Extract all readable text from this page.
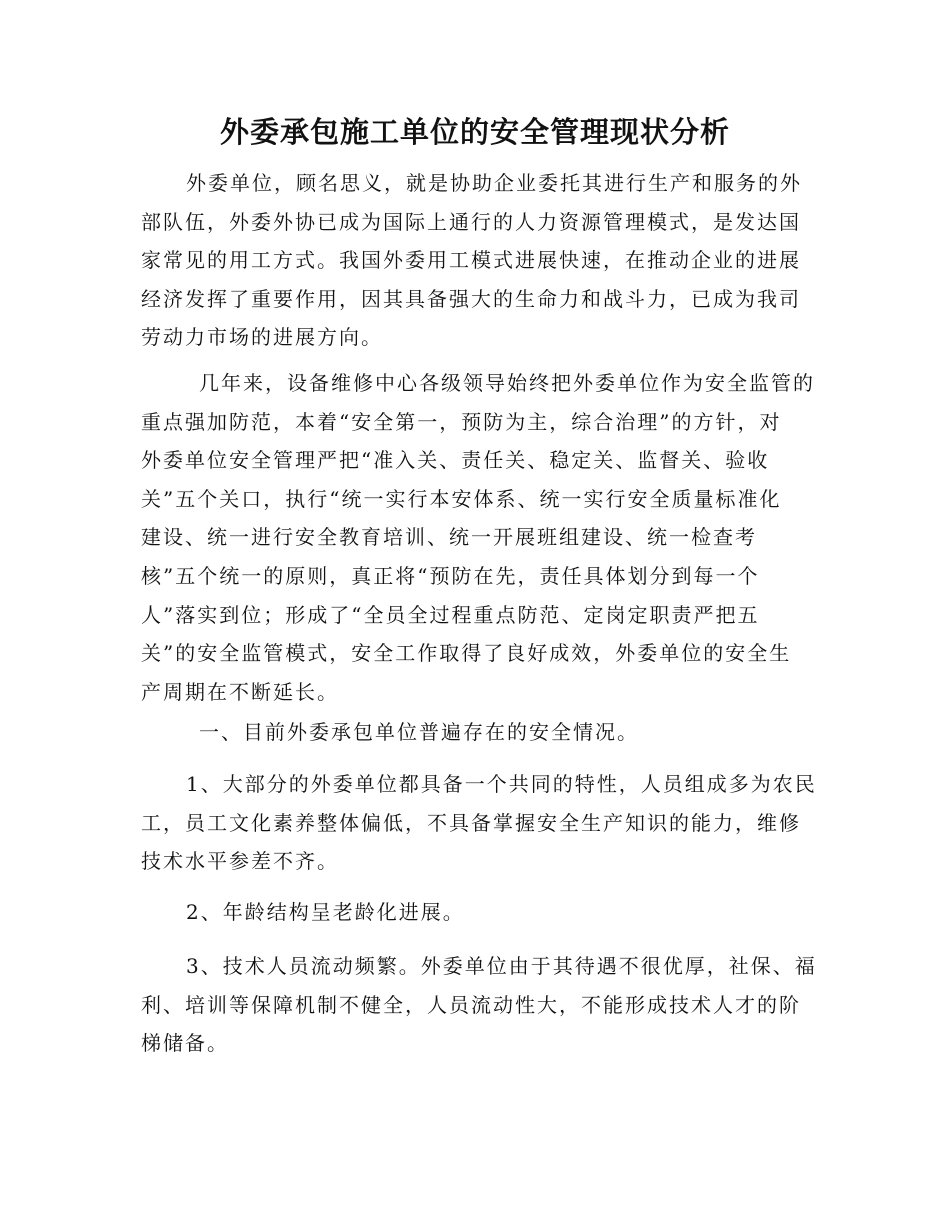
外委承包施工单位的安全管理现状分析
外委单位，顾名思义，就是协助企业委托其进行生产和服务的外
部队伍，外委外协已成为国际上通行的人力资源管理模式，是发达国
家常见的用工方式。我国外委用工模式进展快速，在推动企业的进展
经济发挥了重要作用，因其具备强大的生命力和战斗力，已成为我司
劳动力市场的进展方向。
几年来，设备维修中心各级领导始终把外委单位作为安全监管的
重点强加防范，本着“安全第一，预防为主，综合治理”的方针，对
外委单位安全管理严把“准入关、责任关、稳定关、监督关、验收
关”五个关口，执行“统一实行本安体系、统一实行安全质量标准化
建设、统一进行安全教育培训、统一开展班组建设、统一检查考
核”五个统一的原则，真正将“预防在先，责任具体划分到每一个
人”落实到位；形成了“全员全过程重点防范、定岗定职责严把五
关”的安全监管模式，安全工作取得了良好成效，外委单位的安全生
产周期在不断延长。
一、目前外委承包单位普遍存在的安全情况。
1、大部分的外委单位都具备一个共同的特性，人员组成多为农民
工，员工文化素养整体偏低，不具备掌握安全生产知识的能力，维修
技术水平参差不齐。
2、年龄结构呈老龄化进展。
3、技术人员流动频繁。外委单位由于其待遇不很优厚，社保、福
利、培训等保障机制不健全，人员流动性大，不能形成技术人才的阶
梯储备。
